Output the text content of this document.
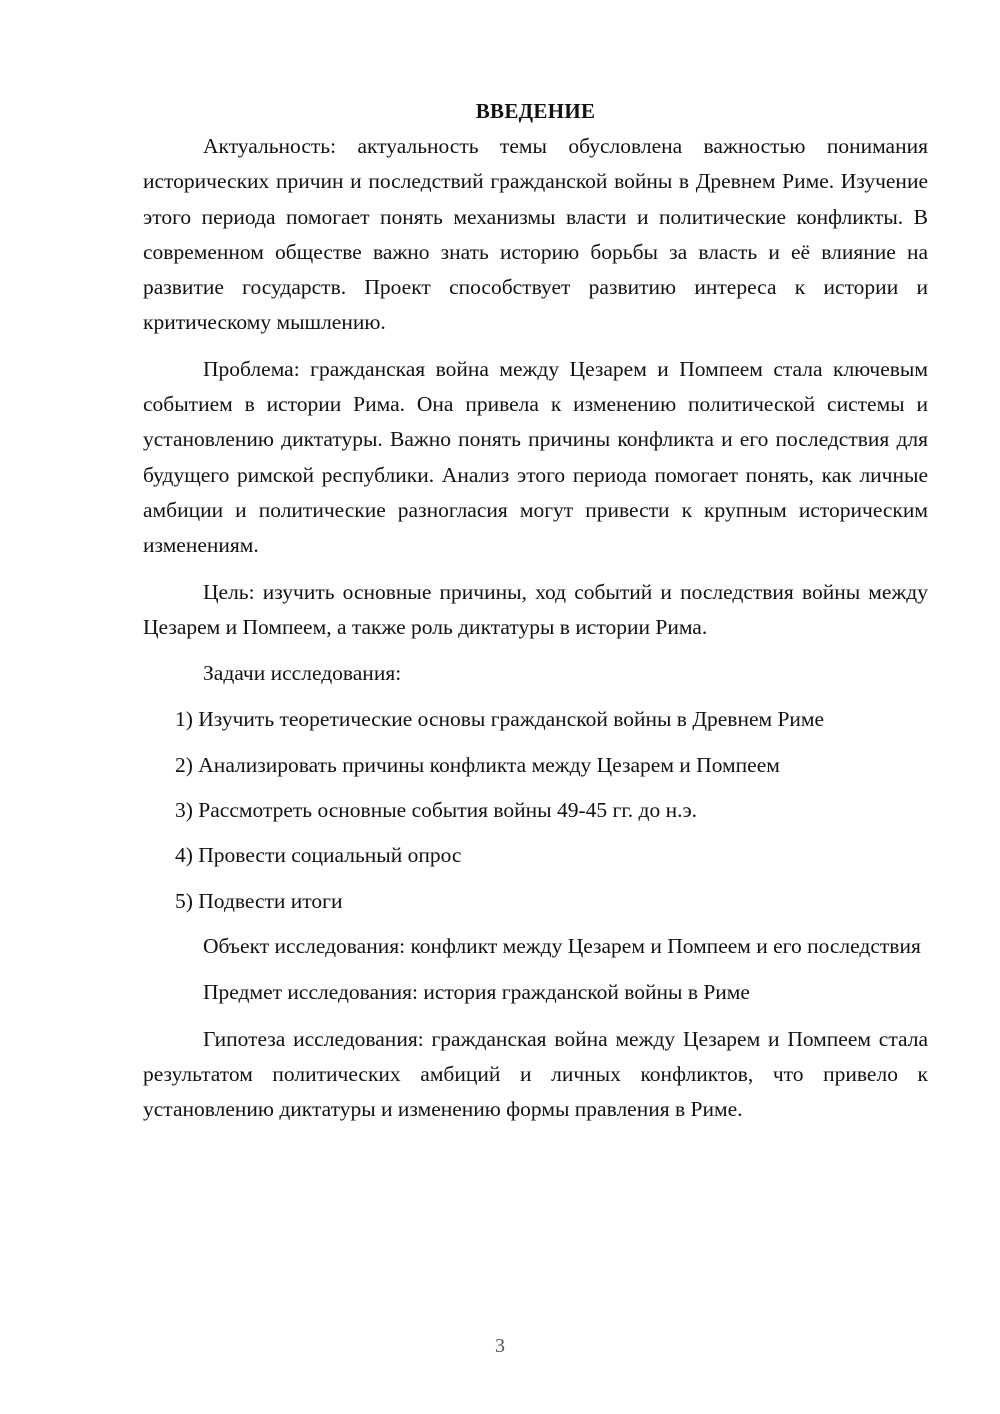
ВВЕДЕНИЕ

Актуальность: актуальность темы обусловлена важностью понимания исторических причин и последствий гражданской войны в Древнем Риме. Изучение этого периода помогает понять механизмы власти и политические конфликты. В современном обществе важно знать историю борьбы за власть и её влияние на развитие государств. Проект способствует развитию интереса к истории и критическому мышлению.

Проблема: гражданская война между Цезарем и Помпеем стала ключевым событием в истории Рима. Она привела к изменению политической системы и установлению диктатуры. Важно понять причины конфликта и его последствия для будущего римской республики. Анализ этого периода помогает понять, как личные амбиции и политические разногласия могут привести к крупным историческим изменениям.

Цель: изучить основные причины, ход событий и последствия войны между Цезарем и Помпеем, а также роль диктатуры в истории Рима.

Задачи исследования:

1) Изучить теоретические основы гражданской войны в Древнем Риме
2) Анализировать причины конфликта между Цезарем и Помпеем
3) Рассмотреть основные события войны 49-45 гг. до н.э.
4) Провести социальный опрос
5) Подвести итоги

Объект исследования: конфликт между Цезарем и Помпеем и его последствия

Предмет исследования: история гражданской войны в Риме

Гипотеза исследования: гражданская война между Цезарем и Помпеем стала результатом политических амбиций и личных конфликтов, что привело к установлению диктатуры и изменению формы правления в Риме.

3
